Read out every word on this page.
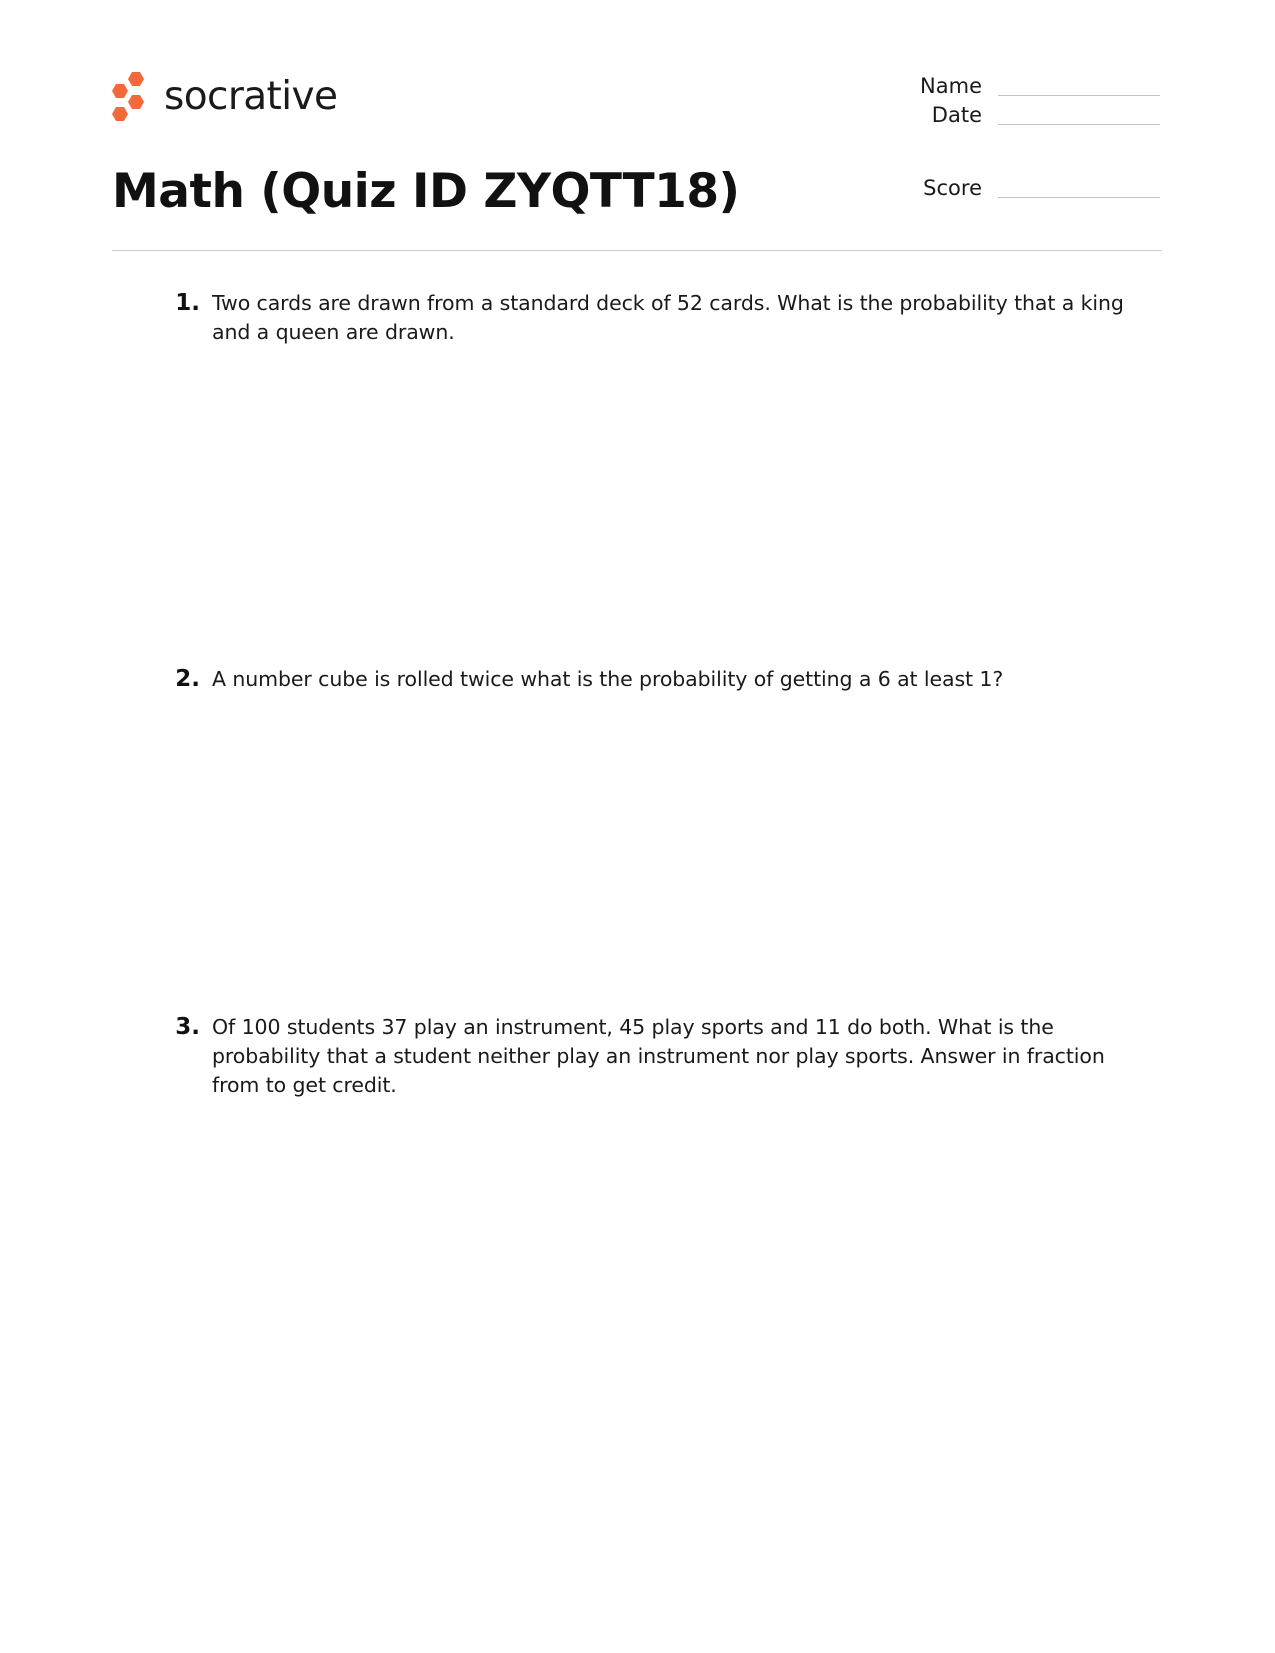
socrative	Name
Date
Score
Math (Quiz ID ZYQTT18)
1. Two cards are drawn from a standard deck of 52 cards. What is the probability that a king and a queen are drawn.
2. A number cube is rolled twice what is the probability of getting a 6 at least 1?
3. Of 100 students 37 play an instrument, 45 play sports and 11 do both. What is the probability that a student neither play an instrument nor play sports. Answer in fraction from to get credit.
